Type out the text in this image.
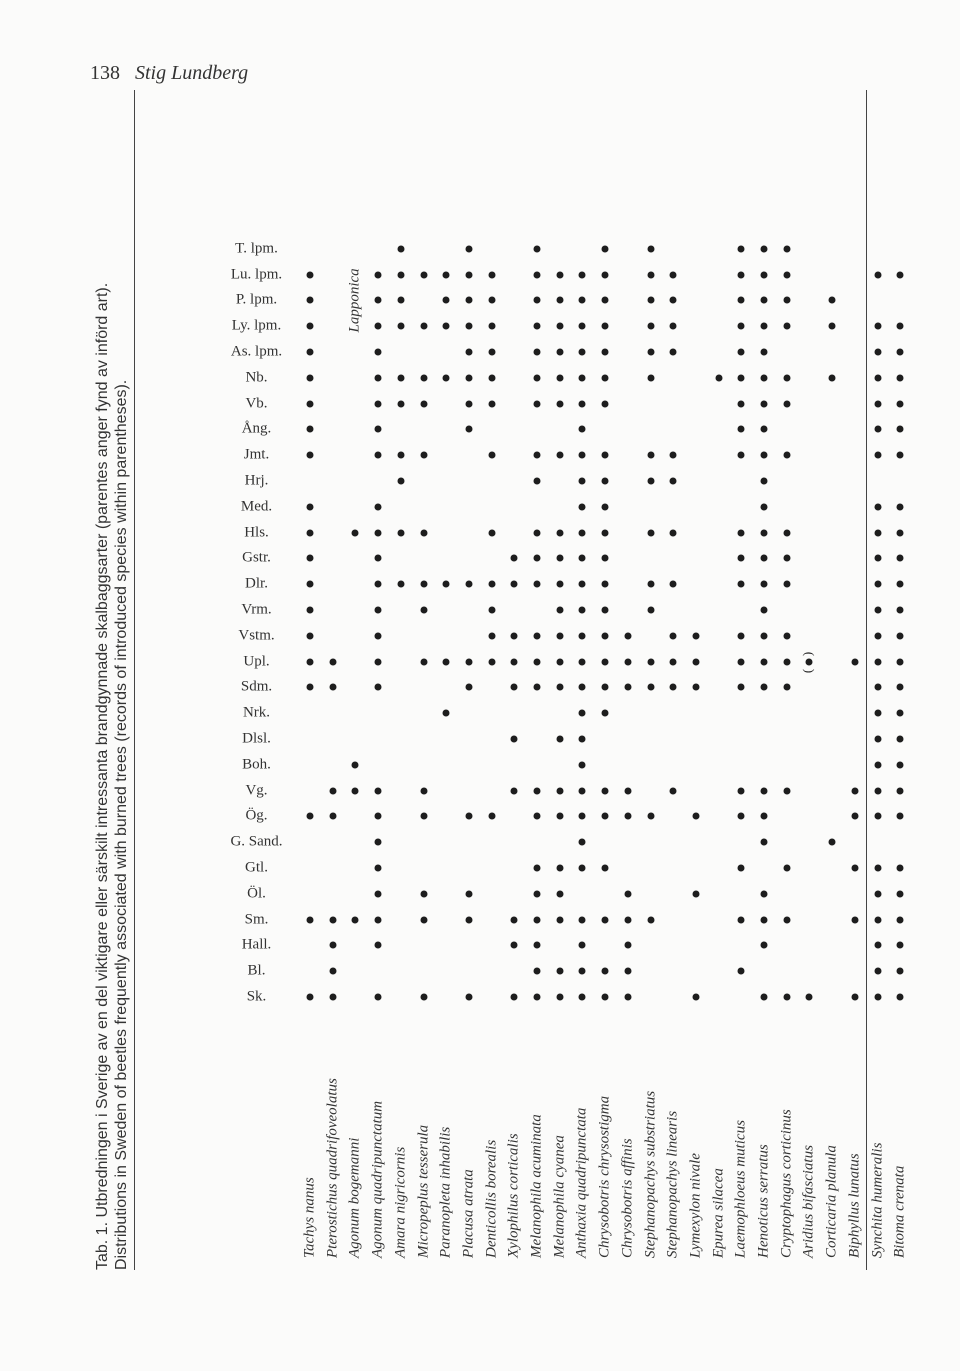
138 Stig Lundberg
Tab. 1. Utbredningen i Sverige av en del viktigare eller särskilt intressanta brandgynnade skalbaggsarter (parentes anger fynd av införd art). Distributions in Sweden of beetles frequently associated with burned trees (records of introduced species within parentheses).	Sk.
Bl.
Hall.
Sm.
Öl.
Gtl.
G. Sand.
Ög.
Vg.
Boh.
Dlsl.
Nrk.
Sdm.
Upl.
Vstm.
Vrm.
Dlr.
Gstr.
Hls.
Med.
Hrj.
Jmt.
Ång.
Vb.
Nb.
As. lpm.
Ly. lpm.
P. lpm.
Lu. lpm.
T. lpm.
Tachys nanus Pterostichus quadrifoveolatus Agonum bogemanni Agonum quadripunctatum Amara nigricornis Micropeplus tesserula Paranopleta inhabilis Placusa atrata Denticollis borealis Xylophilus corticalis Melanophila acuminata Melanophila cyanea Anthaxia quadripunctata Chrysobotris chrysostigma Chrysobotris affinis Stephanopachys substriatus Stephanopachys linearis Lymexylon nivale Epurea silacea Laemophloeus muticus Henoticus serratus Cryptophagus corticinus Aridius bifasciatus Corticaria planula Biphyllus lunatus Synchita humeralis Bitoma crenata
( )
Lapponica
